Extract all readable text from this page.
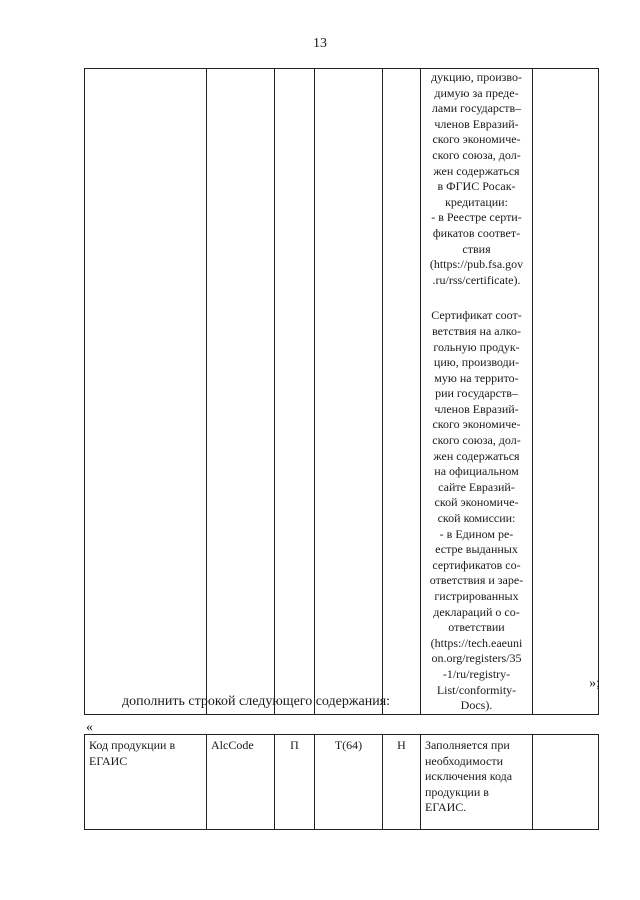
13

дукцию, произво-
димую за преде-
лами государств–
членов Евразий-
ского экономиче-
ского союза, дол-
жен содержаться
в ФГИС Росак-
кредитации:
- в Реестре серти-
фикатов соответ-
ствия
(https://pub.fsa.gov
.ru/rss/certificate).
Сертификат соот-
ветствия на алко-
гольную продук-
цию, производи-
мую на террито-
рии государств–
членов Евразий-
ского экономиче-
ского союза, дол-
жен содержаться
на официальном
сайте Евразий-
ской экономиче-
ской комиссии:
- в Едином ре-
естре выданных
сертификатов со-
ответствия и заре-
гистрированных
деклараций о со-
ответствии
(https://tech.eaeuni
on.org/registers/35
-1/ru/registry-
List/conformity-
Docs).

»;
дополнить строкой следующего содержания:
«
Код продукции в ЕГАИС	AlcCode	П	T(64)	Н	Заполняется при необходимости исключения кода продукции в ЕГАИС.	
